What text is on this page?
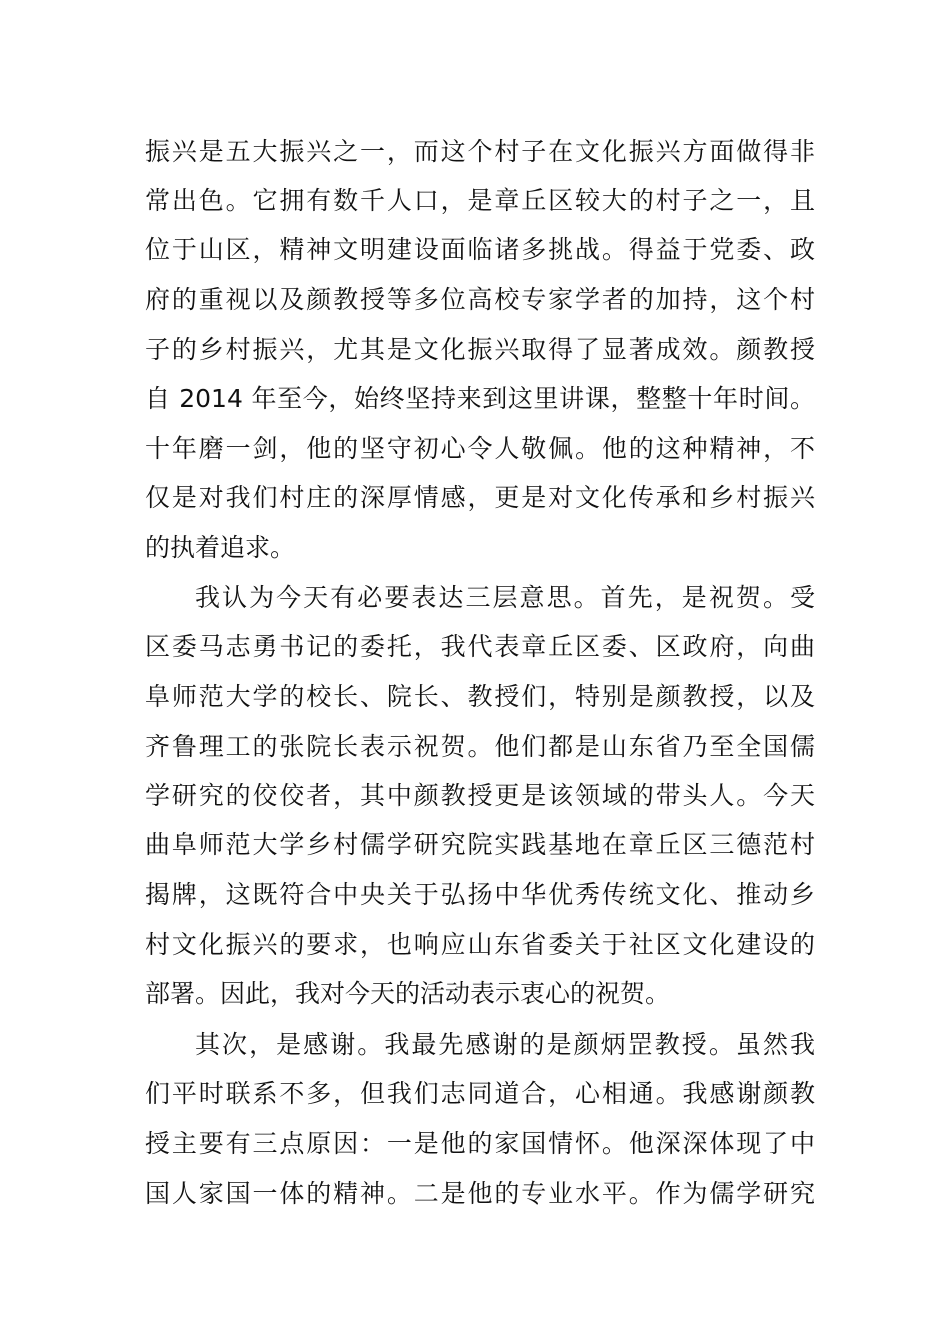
振兴是五大振兴之一，而这个村子在文化振兴方面做得非
常出色。它拥有数千人口，是章丘区较大的村子之一，且
位于山区，精神文明建设面临诸多挑战。得益于党委、政
府的重视以及颜教授等多位高校专家学者的加持，这个村
子的乡村振兴，尤其是文化振兴取得了显著成效。颜教授
自 2014 年至今，始终坚持来到这里讲课，整整十年时间。
十年磨一剑，他的坚守初心令人敬佩。他的这种精神，不
仅是对我们村庄的深厚情感，更是对文化传承和乡村振兴
的执着追求。
我认为今天有必要表达三层意思。首先，是祝贺。受
区委马志勇书记的委托，我代表章丘区委、区政府，向曲
阜师范大学的校长、院长、教授们，特别是颜教授，以及
齐鲁理工的张院长表示祝贺。他们都是山东省乃至全国儒
学研究的佼佼者，其中颜教授更是该领域的带头人。今天
曲阜师范大学乡村儒学研究院实践基地在章丘区三德范村
揭牌，这既符合中央关于弘扬中华优秀传统文化、推动乡
村文化振兴的要求，也响应山东省委关于社区文化建设的
部署。因此，我对今天的活动表示衷心的祝贺。
其次，是感谢。我最先感谢的是颜炳罡教授。虽然我
们平时联系不多，但我们志同道合，心相通。我感谢颜教
授主要有三点原因：一是他的家国情怀。他深深体现了中
国人家国一体的精神。二是他的专业水平。作为儒学研究
